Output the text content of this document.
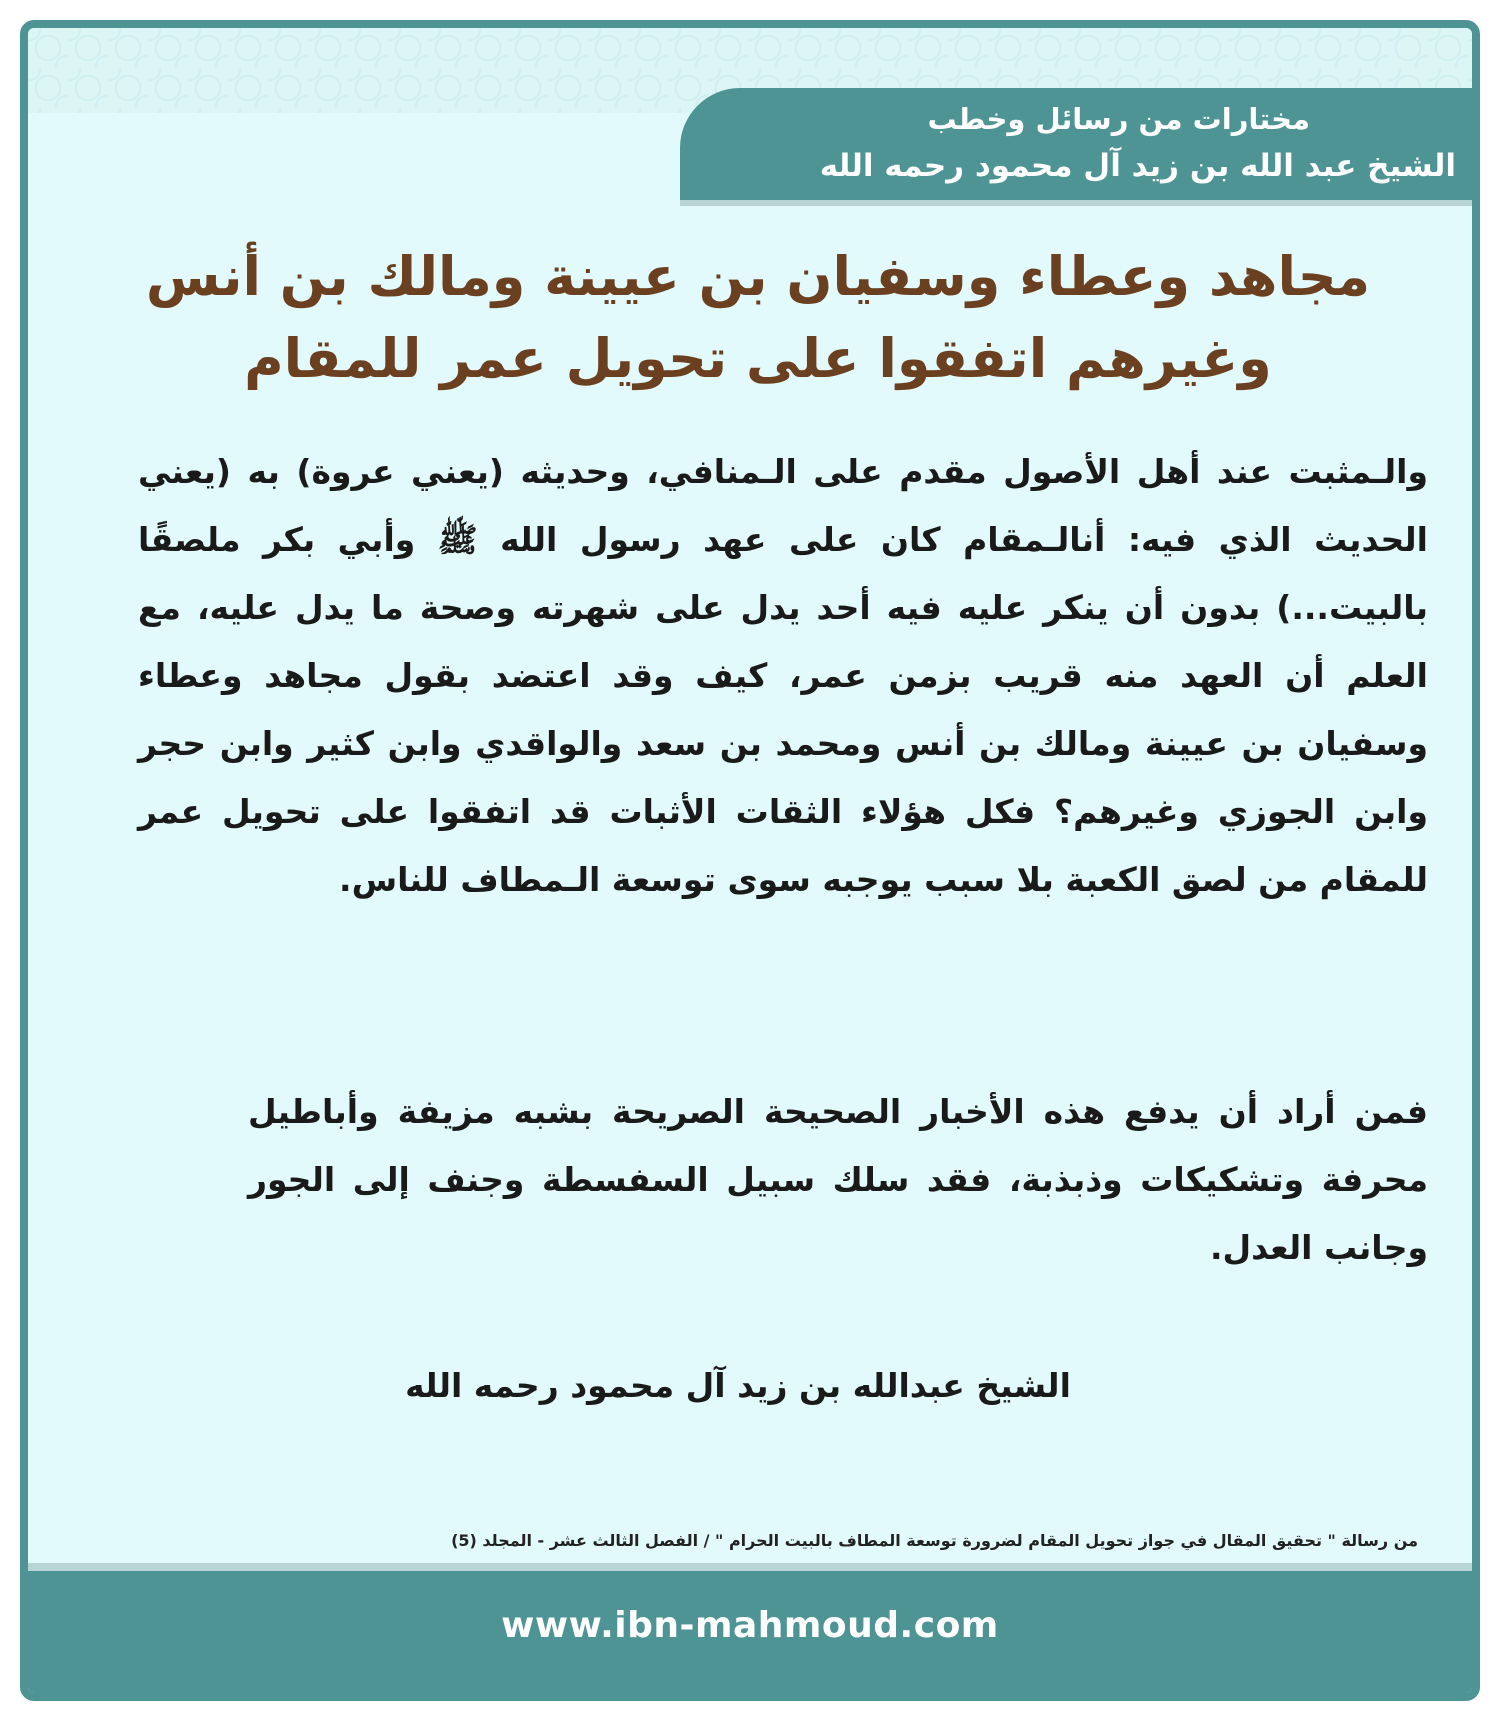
مختارات من رسائل وخطب
الشيخ عبد الله بن زيد آل محمود رحمه الله
مجاهد وعطاء وسفيان بن عيينة ومالك بن أنس
وغيرهم اتفقوا على تحويل عمر للمقام

والـمثبت عند أهل الأصول مقدم على الـمنافي، وحديثه (يعني عروة) به (يعني الحديث الذي فيه: أنالـمقام كان على عهد رسول الله ﷺ وأبي بكر ملصقًا بالبيت...) بدون أن ينكر عليه فيه أحد يدل على شهرته وصحة ما يدل عليه، مع العلم أن العهد منه قريب بزمن عمر، كيف وقد اعتضد بقول مجاهد وعطاء وسفيان بن عيينة ومالك بن أنس ومحمد بن سعد والواقدي وابن كثير وابن حجر وابن الجوزي وغيرهم؟ فكل هؤلاء الثقات الأثبات قد اتفقوا على تحويل عمر للمقام من لصق الكعبة بلا سبب يوجبه سوى توسعة الـمطاف للناس.

فمن أراد أن يدفع هذه الأخبار الصحيحة الصريحة بشبه مزيفة وأباطيل محرفة وتشكيكات وذبذبة، فقد سلك سبيل السفسطة وجنف إلى الجور وجانب العدل.

الشيخ عبدالله بن زيد آل محمود رحمه الله
من رسالة " تحقيق المقال في جواز تحويل المقام لضرورة توسعة المطاف بالبيت الحرام " / الفصل الثالث عشر - المجلد (5)
www.ibn-mahmoud.com
